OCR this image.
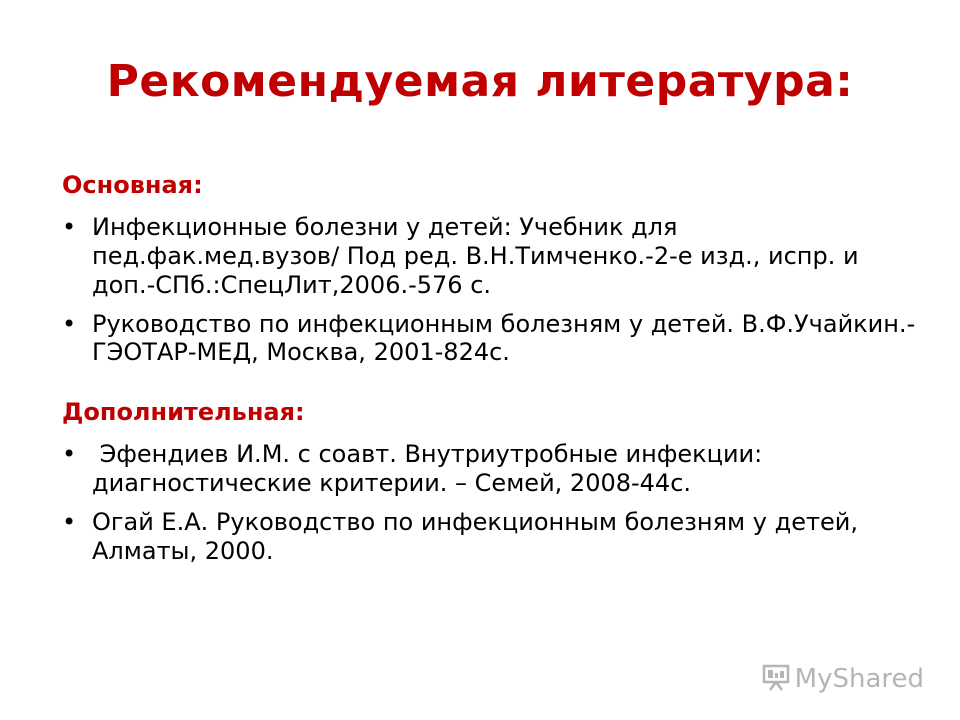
Рекомендуемая литература:
Основная:
• Инфекционные болезни у детей: Учебник для пед.фак.мед.вузов/ Под ред. В.Н.Тимченко.-2-е изд., испр. и доп.-СПб.:СпецЛит,2006.-576 с.
• Руководство по инфекционным болезням у детей. В.Ф.Учайкин.- ГЭОТАР-МЕД, Москва, 2001-824с.
Дополнительная:
• Эфендиев И.М. с соавт. Внутриутробные инфекции: диагностические критерии. – Семей, 2008-44с.
• Огай Е.А. Руководство по инфекционным болезням у детей, Алматы, 2000.
MyShared
